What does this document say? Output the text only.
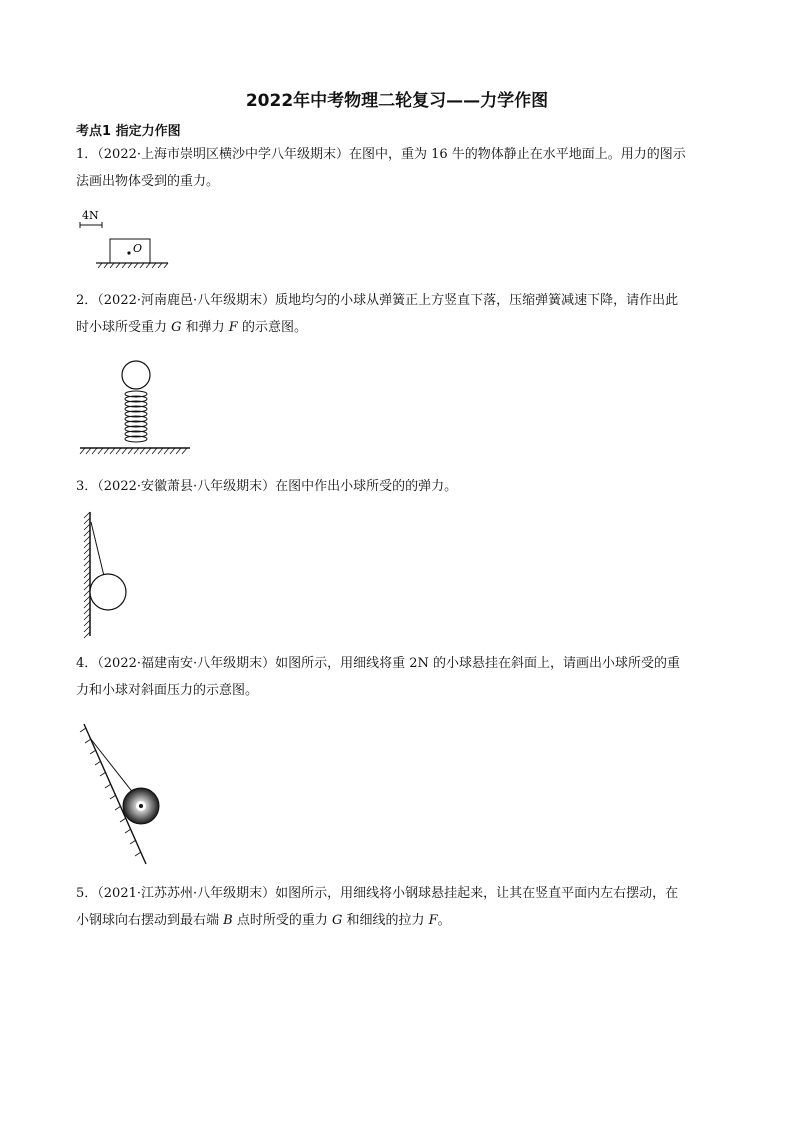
2022年中考物理二轮复习——力学作图
考点1 指定力作图
1．（2022·上海市崇明区横沙中学八年级期末）在图中，重为 16 牛的物体静止在水平地面上。用力的图示
法画出物体受到的重力。
4N
O
2．（2022·河南鹿邑·八年级期末）质地均匀的小球从弹簧正上方竖直下落，压缩弹簧减速下降，请作出此
时小球所受重力 G 和弹力 F 的示意图。
3．（2022·安徽萧县·八年级期末）在图中作出小球所受的的弹力。
4．（2022·福建南安·八年级期末）如图所示，用细线将重 2N 的小球悬挂在斜面上，请画出小球所受的重
力和小球对斜面压力的示意图。
5．（2021·江苏苏州·八年级期末）如图所示，用细线将小钢球悬挂起来，让其在竖直平面内左右摆动，在
小钢球向右摆动到最右端 B 点时所受的重力 G 和细线的拉力 F。
